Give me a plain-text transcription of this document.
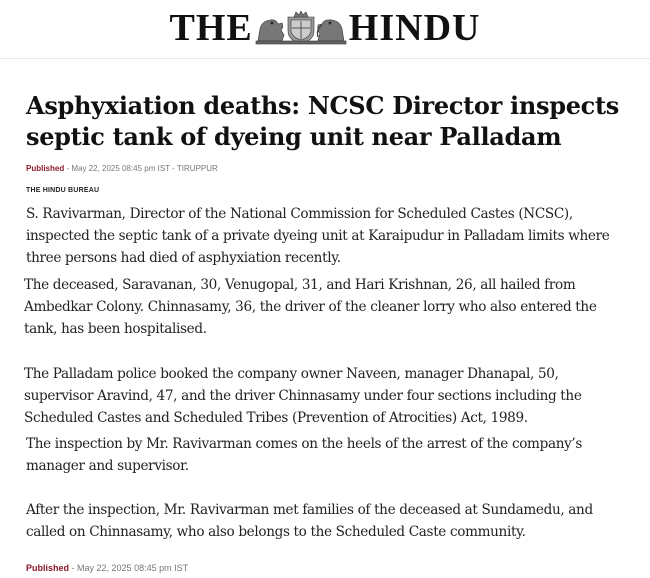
THE	HINDU
Asphyxiation deaths: NCSC Director inspects septic tank of dyeing unit near Palladam
Published - May 22, 2025 08:45 pm IST - TIRUPPUR
THE HINDU BUREAU

S. Ravivarman, Director of the National Commission for Scheduled Castes (NCSC), inspected the septic tank of a private dyeing unit at Karaipudur in Palladam limits where three persons had died of asphyxiation recently.

The deceased, Saravanan, 30, Venugopal, 31, and Hari Krishnan, 26, all hailed from Ambedkar Colony. Chinnasamy, 36, the driver of the cleaner lorry who also entered the tank, has been hospitalised.

The Palladam police booked the company owner Naveen, manager Dhanapal, 50, supervisor Aravind, 47, and the driver Chinnasamy under four sections including the Scheduled Castes and Scheduled Tribes (Prevention of Atrocities) Act, 1989.

The inspection by Mr. Ravivarman comes on the heels of the arrest of the company’s manager and supervisor.

After the inspection, Mr. Ravivarman met families of the deceased at Sundamedu, and called on Chinnasamy, who also belongs to the Scheduled Caste community.

Published - May 22, 2025 08:45 pm IST
